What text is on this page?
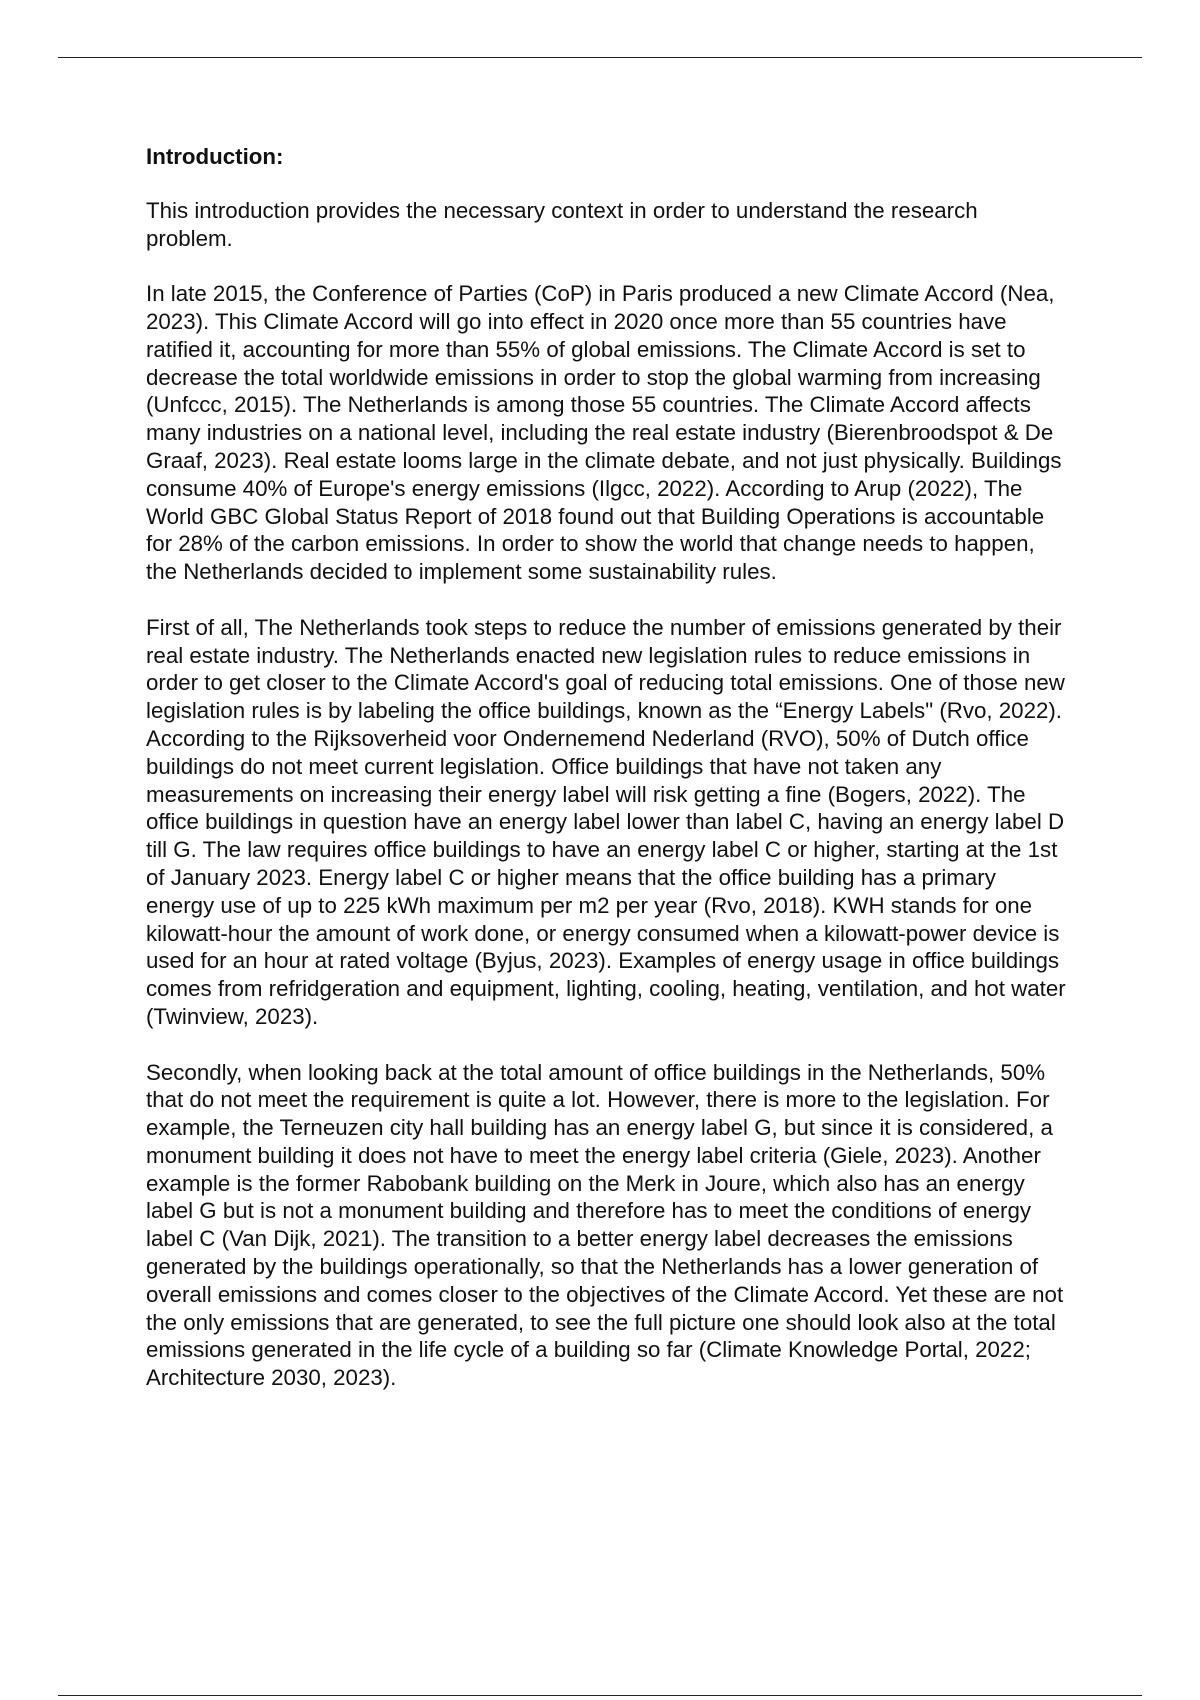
Introduction:

This introduction provides the necessary context in order to understand the research problem.

In late 2015, the Conference of Parties (CoP) in Paris produced a new Climate Accord (Nea, 2023). This Climate Accord will go into effect in 2020 once more than 55 countries have ratified it, accounting for more than 55% of global emissions. The Climate Accord is set to decrease the total worldwide emissions in order to stop the global warming from increasing (Unfccc, 2015). The Netherlands is among those 55 countries. The Climate Accord affects many industries on a national level, including the real estate industry (Bierenbroodspot & De Graaf, 2023). Real estate looms large in the climate debate, and not just physically. Buildings consume 40% of Europe's energy emissions (Ilgcc, 2022). According to Arup (2022), The World GBC Global Status Report of 2018 found out that Building Operations is accountable for 28% of the carbon emissions. In order to show the world that change needs to happen, the Netherlands decided to implement some sustainability rules.

First of all, The Netherlands took steps to reduce the number of emissions generated by their real estate industry. The Netherlands enacted new legislation rules to reduce emissions in order to get closer to the Climate Accord's goal of reducing total emissions. One of those new legislation rules is by labeling the office buildings, known as the “Energy Labels" (Rvo, 2022). According to the Rijksoverheid voor Ondernemend Nederland (RVO), 50% of Dutch office buildings do not meet current legislation. Office buildings that have not taken any measurements on increasing their energy label will risk getting a fine (Bogers, 2022). The office buildings in question have an energy label lower than label C, having an energy label D till G. The law requires office buildings to have an energy label C or higher, starting at the 1st of January 2023. Energy label C or higher means that the office building has a primary energy use of up to 225 kWh maximum per m2 per year (Rvo, 2018). KWH stands for one kilowatt-hour the amount of work done, or energy consumed when a kilowatt-power device is used for an hour at rated voltage (Byjus, 2023). Examples of energy usage in office buildings comes from refridgeration and equipment, lighting, cooling, heating, ventilation, and hot water (Twinview, 2023).

Secondly, when looking back at the total amount of office buildings in the Netherlands, 50% that do not meet the requirement is quite a lot. However, there is more to the legislation. For example, the Terneuzen city hall building has an energy label G, but since it is considered, a monument building it does not have to meet the energy label criteria (Giele, 2023). Another example is the former Rabobank building on the Merk in Joure, which also has an energy label G but is not a monument building and therefore has to meet the conditions of energy label C (Van Dijk, 2021). The transition to a better energy label decreases the emissions generated by the buildings operationally, so that the Netherlands has a lower generation of overall emissions and comes closer to the objectives of the Climate Accord. Yet these are not the only emissions that are generated, to see the full picture one should look also at the total emissions generated in the life cycle of a building so far (Climate Knowledge Portal, 2022; Architecture 2030, 2023).
